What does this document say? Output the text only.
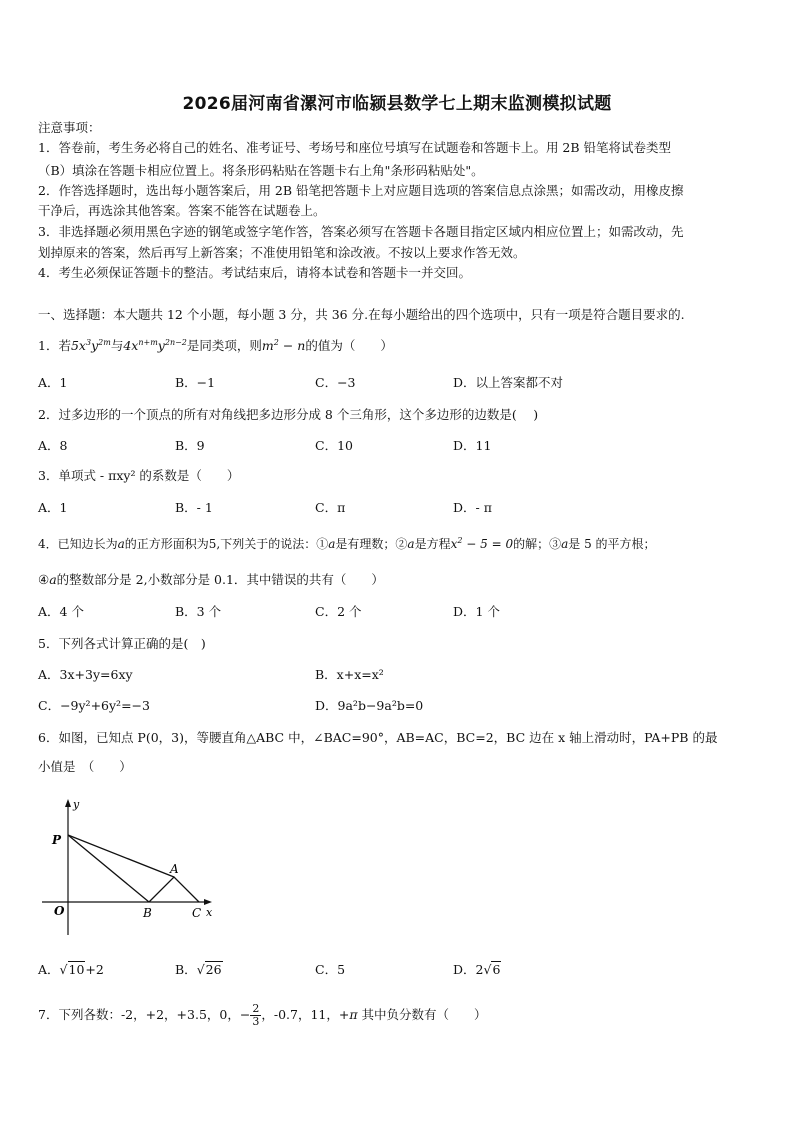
2026届河南省漯河市临颍县数学七上期末监测模拟试题
注意事项：
1．答卷前，考生务必将自己的姓名、准考证号、考场号和座位号填写在试题卷和答题卡上。用 2B 铅笔将试卷类型
（B）填涂在答题卡相应位置上。将条形码粘贴在答题卡右上角"条形码粘贴处"。
2．作答选择题时，选出每小题答案后，用 2B 铅笔把答题卡上对应题目选项的答案信息点涂黑；如需改动，用橡皮擦
干净后，再选涂其他答案。答案不能答在试题卷上。
3．非选择题必须用黑色字迹的钢笔或签字笔作答，答案必须写在答题卡各题目指定区域内相应位置上；如需改动，先
划掉原来的答案，然后再写上新答案；不准使用铅笔和涂改液。不按以上要求作答无效。
4．考生必须保证答题卡的整洁。考试结束后，请将本试卷和答题卡一并交回。
一、选择题：本大题共 12 个小题，每小题 3 分，共 36 分.在每小题给出的四个选项中，只有一项是符合题目要求的.
1．若$5x^3y^{2m}$与$4x^{n+m}y^{2n-2}$是同类项，则$m^2 - n$的值为（　　）
A．1	B．−1	C．−3	D．以上答案都不对
2．过多边形的一个顶点的所有对角线把多边形分成 8 个三角形，这个多边形的边数是(　 )
A．8	B．9	C．10	D．11
3．单项式 - πxy² 的系数是（　　）
A．1	B．- 1	C．π	D．- π
4．已知边长为a的正方形面积为5,下列关于的说法：①a是有理数；②a是方程$x^2 - 5 = 0$的解；③a是 5 的平方根；
④a的整数部分是 2,小数部分是 0.1．其中错误的共有（　　）
A．4 个	B．3 个	C．2 个	D．1 个
5．下列各式计算正确的是(　)
A．3x+3y=6xy	B．x+x=x²
C．−9y²+6y²=−3	D．9a²b−9a²b=0
6．如图，已知点 P(0，3)，等腰直角△ABC 中，∠BAC=90°，AB=AC，BC=2，BC 边在 x 轴上滑动时，PA+PB 的最
小值是　（　　）
y
x
P
O
A
B	C
A．√10+2	B．√26	C．5	D．2√6
7．下列各数：-2，+2，+3.5，0，− $\frac{2}{3}$ ，-0.7，11，+π 其中负分数有（　　）
